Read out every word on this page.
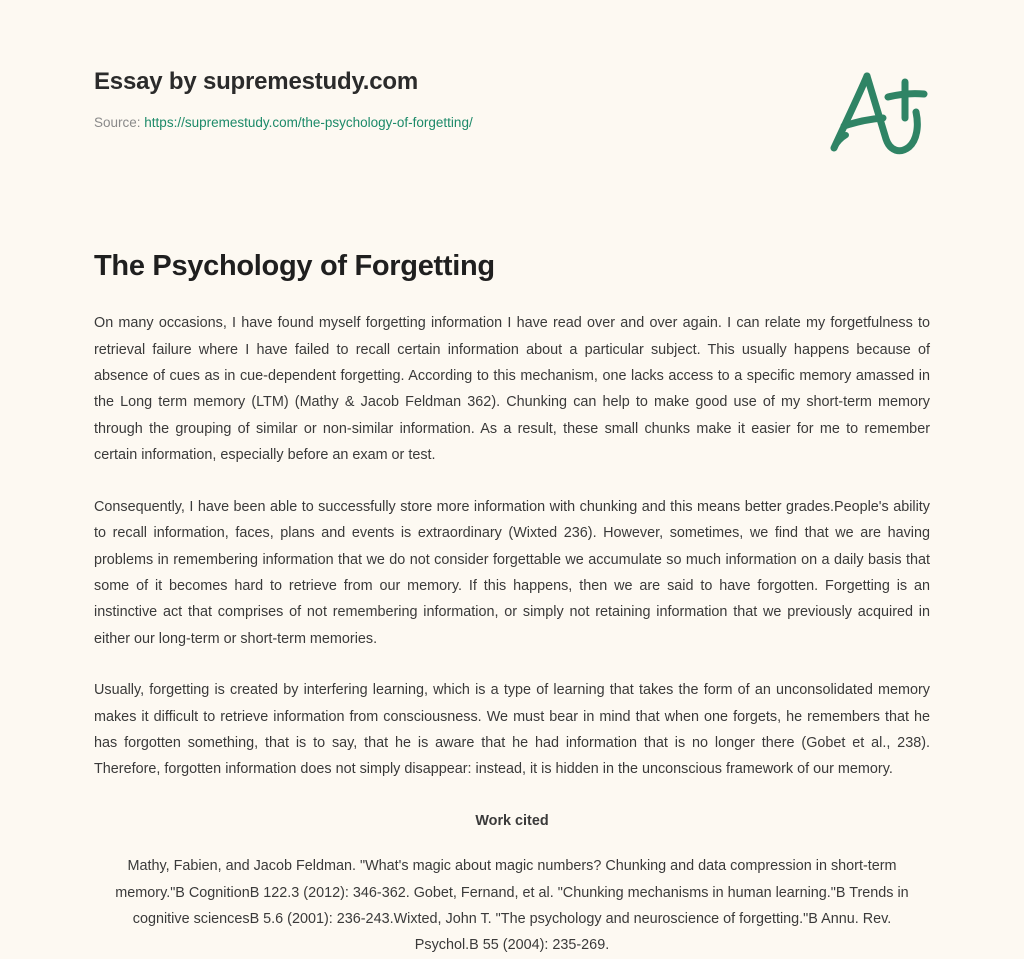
Essay by supremestudy.com
Source: https://supremestudy.com/the-psychology-of-forgetting/
The Psychology of Forgetting

On many occasions, I have found myself forgetting information I have read over and over again. I can relate my forgetfulness to retrieval failure where I have failed to recall certain information about a particular subject. This usually happens because of absence of cues as in cue-dependent forgetting. According to this mechanism, one lacks access to a specific memory amassed in the Long term memory (LTM) (Mathy & Jacob Feldman 362). Chunking can help to make good use of my short-term memory through the grouping of similar or non-similar information. As a result, these small chunks make it easier for me to remember certain information, especially before an exam or test.

Consequently, I have been able to successfully store more information with chunking and this means better grades.People's ability to recall information, faces, plans and events is extraordinary (Wixted 236). However, sometimes, we find that we are having problems in remembering information that we do not consider forgettable we accumulate so much information on a daily basis that some of it becomes hard to retrieve from our memory. If this happens, then we are said to have forgotten. Forgetting is an instinctive act that comprises of not remembering information, or simply not retaining information that we previously acquired in either our long-term or short-term memories.

Usually, forgetting is created by interfering learning, which is a type of learning that takes the form of an unconsolidated memory makes it difficult to retrieve information from consciousness. We must bear in mind that when one forgets, he remembers that he has forgotten something, that is to say, that he is aware that he had information that is no longer there (Gobet et al., 238). Therefore, forgotten information does not simply disappear: instead, it is hidden in the unconscious framework of our memory.

Work cited

Mathy, Fabien, and Jacob Feldman. "What's magic about magic numbers? Chunking and data compression in short-term memory."B CognitionB 122.3 (2012): 346-362. Gobet, Fernand, et al. "Chunking mechanisms in human learning."B Trends in cognitive sciencesB 5.6 (2001): 236-243.Wixted, John T. "The psychology and neuroscience of forgetting."B Annu. Rev. Psychol.B 55 (2004): 235-269.
